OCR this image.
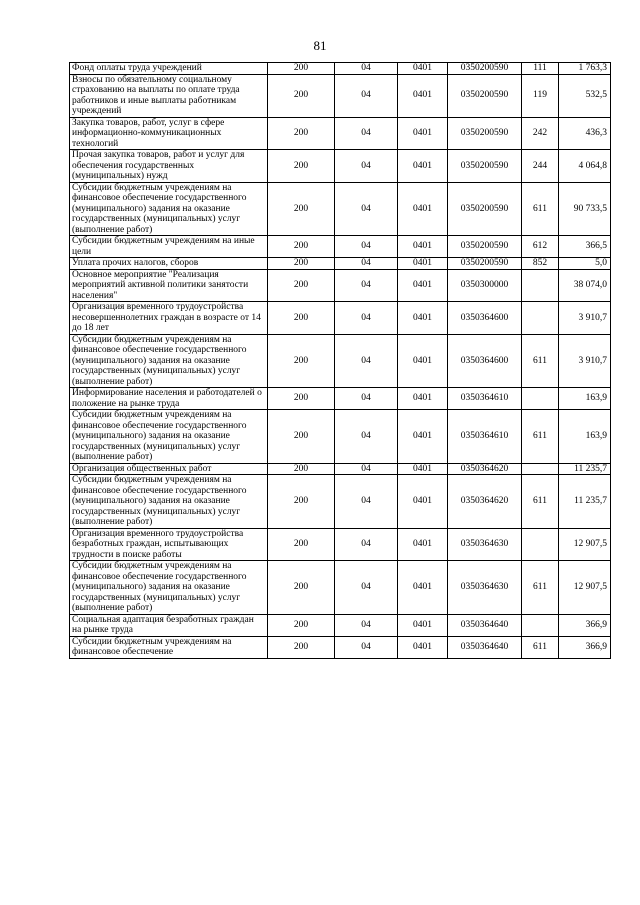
81
Фонд оплаты труда учреждений	200	04	0401	0350200590	111	1 763,3
Взносы по обязательному социальному страхованию на выплаты по оплате труда работников и иные выплаты работникам учреждений	200	04	0401	0350200590	119	532,5
Закупка товаров, работ, услуг в сфере информационно-коммуникационных технологий	200	04	0401	0350200590	242	436,3
Прочая закупка товаров, работ и услуг для обеспечения государственных (муниципальных) нужд	200	04	0401	0350200590	244	4 064,8
Субсидии бюджетным учреждениям на финансовое обеспечение государственного (муниципального) задания на оказание государственных (муниципальных) услуг (выполнение работ)	200	04	0401	0350200590	611	90 733,5
Субсидии бюджетным учреждениям на иные цели	200	04	0401	0350200590	612	366,5
Уплата прочих налогов, сборов	200	04	0401	0350200590	852	5,0
Основное мероприятие "Реализация мероприятий активной политики занятости населения"	200	04	0401	0350300000		38 074,0
Организация временного трудоустройства несовершеннолетних граждан в возрасте от 14 до 18 лет	200	04	0401	0350364600		3 910,7
Субсидии бюджетным учреждениям на финансовое обеспечение государственного (муниципального) задания на оказание государственных (муниципальных) услуг (выполнение работ)	200	04	0401	0350364600	611	3 910,7
Информирование населения и работодателей о положение на рынке труда	200	04	0401	0350364610		163,9
Субсидии бюджетным учреждениям на финансовое обеспечение государственного (муниципального) задания на оказание государственных (муниципальных) услуг (выполнение работ)	200	04	0401	0350364610	611	163,9
Организация общественных работ	200	04	0401	0350364620		11 235,7
Субсидии бюджетным учреждениям на финансовое обеспечение государственного (муниципального) задания на оказание государственных (муниципальных) услуг (выполнение работ)	200	04	0401	0350364620	611	11 235,7
Организация временного трудоустройства безработных граждан, испытывающих трудности в поиске работы	200	04	0401	0350364630		12 907,5
Субсидии бюджетным учреждениям на финансовое обеспечение государственного (муниципального) задания на оказание государственных (муниципальных) услуг (выполнение работ)	200	04	0401	0350364630	611	12 907,5
Социальная адаптация безработных граждан на рынке труда	200	04	0401	0350364640		366,9
Субсидии бюджетным учреждениям на финансовое обеспечение	200	04	0401	0350364640	611	366,9
